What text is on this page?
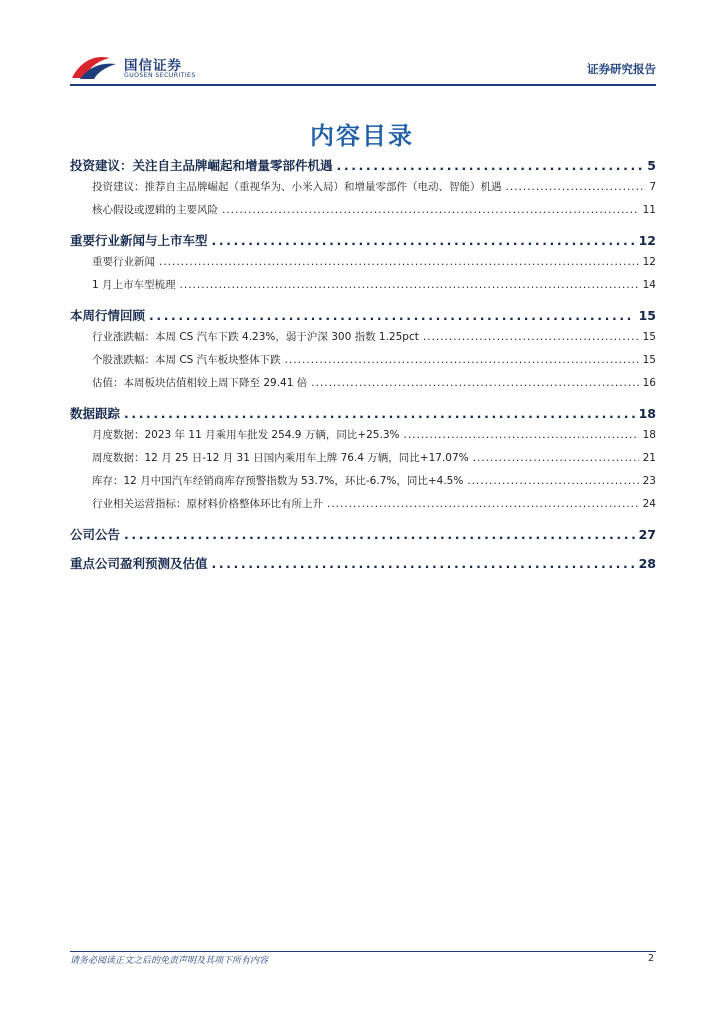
国信证券
GUOSEN SECURITIES	证券研究报告
内容目录
投资建议：关注自主品牌崛起和增量零部件机遇 .....	5
投资建议：推荐自主品牌崛起（重视华为、小米入局）和增量零部件（电动、智能）机遇 .....	7
核心假设或逻辑的主要风险 .....	11
重要行业新闻与上市车型 .....	12
重要行业新闻 .....	12
1 月上市车型梳理 .....	14
本周行情回顾 .....	15
行业涨跌幅：本周 CS 汽车下跌 4.23%，弱于沪深 300 指数 1.25pct .....	15
个股涨跌幅：本周 CS 汽车板块整体下跌 .....	15
估值：本周板块估值相较上周下降至 29.41 倍 .....	16
数据跟踪 .....	18
月度数据：2023 年 11 月乘用车批发 254.9 万辆，同比+25.3% .....	18
周度数据：12 月 25 日-12 月 31 日国内乘用车上牌 76.4 万辆，同比+17.07% .....	21
库存：12 月中国汽车经销商库存预警指数为 53.7%，环比-6.7%，同比+4.5% .....	23
行业相关运营指标：原材料价格整体环比有所上升 .....	24
公司公告 .....	27
重点公司盈利预测及估值 .....	28
请务必阅读正文之后的免责声明及其项下所有内容	2
